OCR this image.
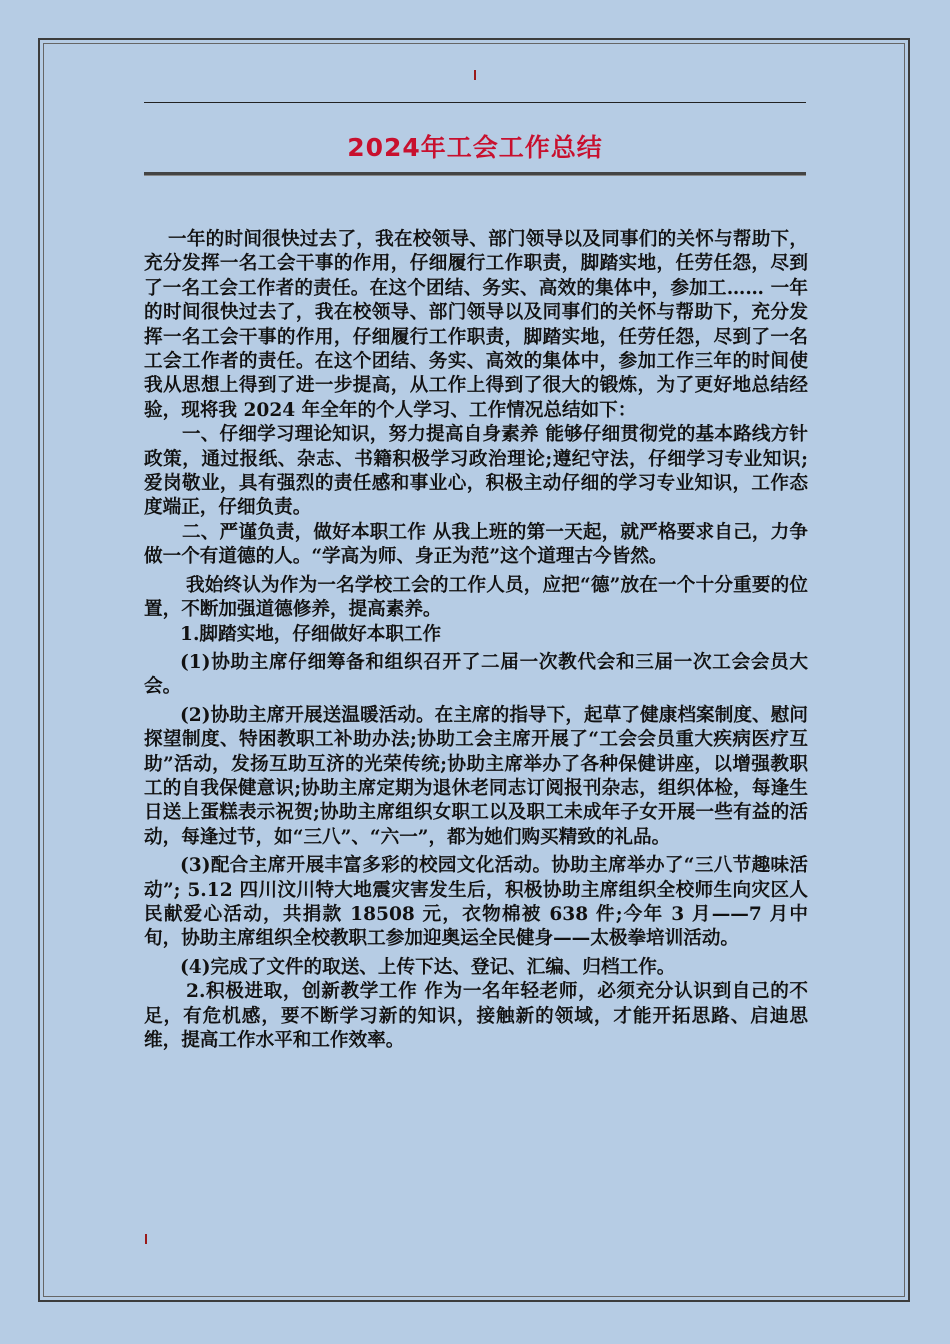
2024年工会工作总结

一年的时间很快过去了，我在校领导、部门领导以及同事们的关怀与帮助下，充分发挥一名工会干事的作用，仔细履行工作职责，脚踏实地，任劳任怨，尽到了一名工会工作者的责任。在这个团结、务实、高效的集体中，参加工…… 一年的时间很快过去了，我在校领导、部门领导以及同事们的关怀与帮助下，充分发挥一名工会干事的作用，仔细履行工作职责，脚踏实地，任劳任怨，尽到了一名工会工作者的责任。在这个团结、务实、高效的集体中，参加工作三年的时间使我从思想上得到了进一步提高，从工作上得到了很大的锻炼，为了更好地总结经验，现将我 2024 年全年的个人学习、工作情况总结如下：

一、仔细学习理论知识，努力提高自身素养 能够仔细贯彻党的基本路线方针政策，通过报纸、杂志、书籍积极学习政治理论;遵纪守法，仔细学习专业知识;爱岗敬业，具有强烈的责任感和事业心，积极主动仔细的学习专业知识，工作态度端正，仔细负责。

二、严谨负责，做好本职工作 从我上班的第一天起，就严格要求自己，力争做一个有道德的人。“学高为师、身正为范”这个道理古今皆然。

我始终认为作为一名学校工会的工作人员，应把“德”放在一个十分重要的位置，不断加强道德修养，提高素养。

1.脚踏实地，仔细做好本职工作

(1)协助主席仔细筹备和组织召开了二届一次教代会和三届一次工会会员大会。

(2)协助主席开展送温暖活动。在主席的指导下，起草了健康档案制度、慰问探望制度、特困教职工补助办法;协助工会主席开展了“工会会员重大疾病医疗互助”活动，发扬互助互济的光荣传统;协助主席举办了各种保健讲座，以增强教职工的自我保健意识;协助主席定期为退休老同志订阅报刊杂志，组织体检，每逢生日送上蛋糕表示祝贺;协助主席组织女职工以及职工未成年子女开展一些有益的活动，每逢过节，如“三八”、“六一”，都为她们购买精致的礼品。

(3)配合主席开展丰富多彩的校园文化活动。协助主席举办了“三八节趣味活动”; 5.12 四川汶川特大地震灾害发生后，积极协助主席组织全校师生向灾区人民献爱心活动，共捐款 18508 元，衣物棉被 638 件;今年 3 月——7 月中旬，协助主席组织全校教职工参加迎奥运全民健身——太极拳培训活动。

(4)完成了文件的取送、上传下达、登记、汇编、归档工作。

2.积极进取，创新教学工作 作为一名年轻老师，必须充分认识到自己的不足，有危机感，要不断学习新的知识，接触新的领域，才能开拓思路、启迪思维，提高工作水平和工作效率。
